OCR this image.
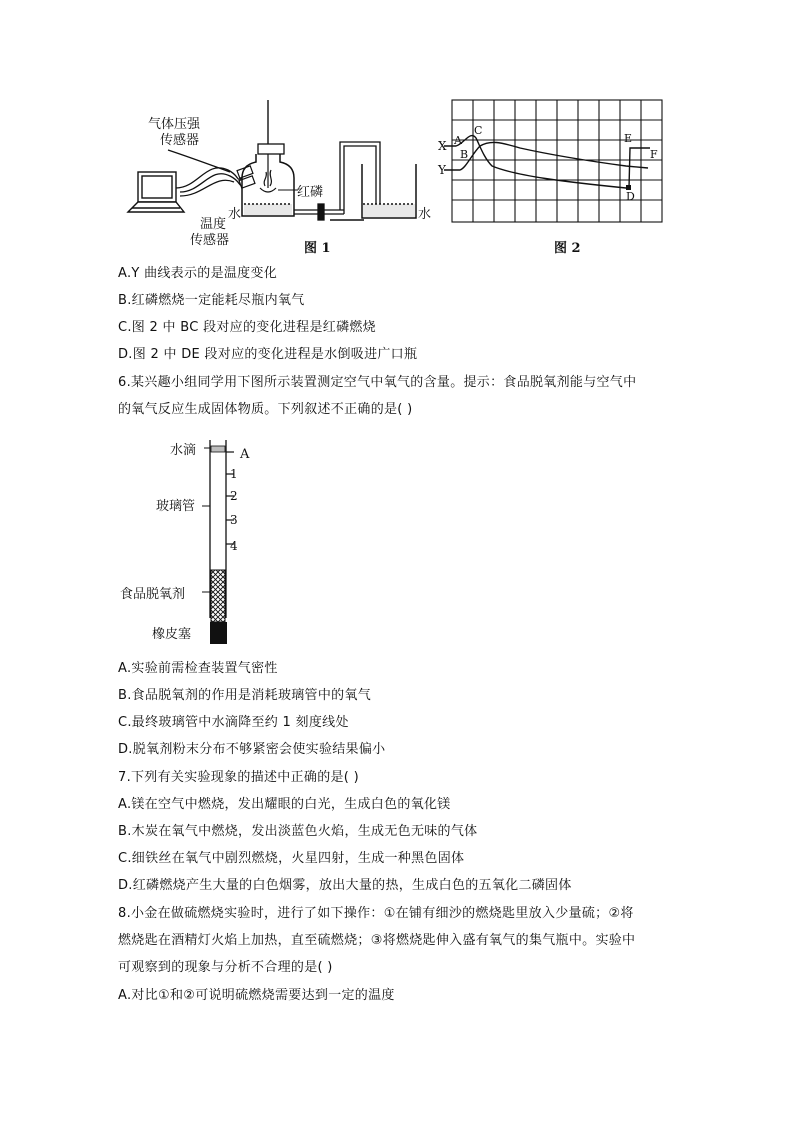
气体压强
传感器
温度
传感器
红磷
水	水
图 1
X
Y
A
B
C
D
E
F
图 2
A.Y 曲线表示的是温度变化
B.红磷燃烧一定能耗尽瓶内氧气
C.图 2 中 BC 段对应的变化进程是红磷燃烧
D.图 2 中 DE 段对应的变化进程是水倒吸进广口瓶
6.某兴趣小组同学用下图所示装置测定空气中氧气的含量。提示：食品脱氧剂能与空气中
的氧气反应生成固体物质。下列叙述不正确的是( )
水滴
玻璃管
食品脱氧剂
橡皮塞
A
1
2
3
4
A.实验前需检查装置气密性
B.食品脱氧剂的作用是消耗玻璃管中的氧气
C.最终玻璃管中水滴降至约 1 刻度线处
D.脱氧剂粉末分布不够紧密会使实验结果偏小
7.下列有关实验现象的描述中正确的是( )
A.镁在空气中燃烧，发出耀眼的白光，生成白色的氧化镁
B.木炭在氧气中燃烧，发出淡蓝色火焰，生成无色无味的气体
C.细铁丝在氧气中剧烈燃烧，火星四射，生成一种黑色固体
D.红磷燃烧产生大量的白色烟雾，放出大量的热，生成白色的五氧化二磷固体
8.小金在做硫燃烧实验时，进行了如下操作：①在铺有细沙的燃烧匙里放入少量硫；②将
燃烧匙在酒精灯火焰上加热，直至硫燃烧；③将燃烧匙伸入盛有氧气的集气瓶中。实验中
可观察到的现象与分析不合理的是( )
A.对比①和②可说明硫燃烧需要达到一定的温度
